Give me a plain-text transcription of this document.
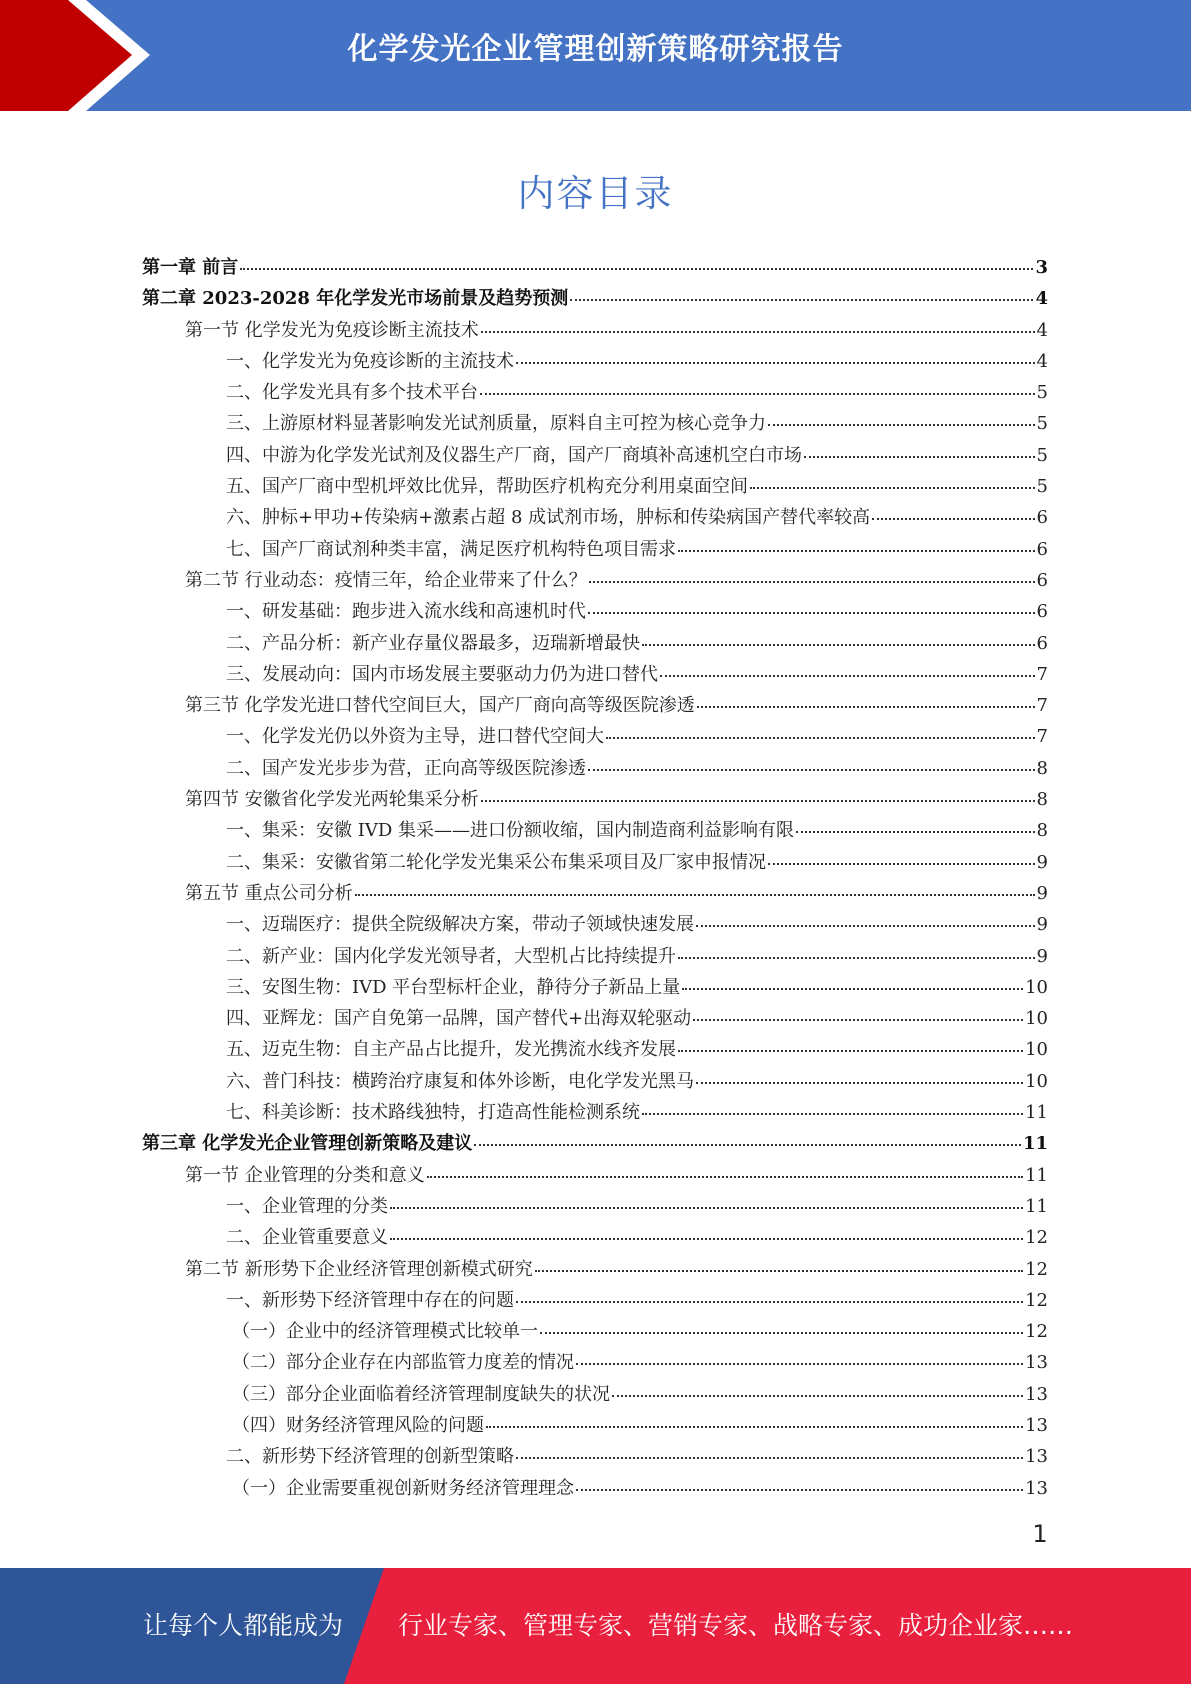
化学发光企业管理创新策略研究报告
内容目录
第一章 前言	3
第二章 2023-2028 年化学发光市场前景及趋势预测	4
第一节 化学发光为免疫诊断主流技术	4
一、化学发光为免疫诊断的主流技术	4
二、化学发光具有多个技术平台	5
三、上游原材料显著影响发光试剂质量，原料自主可控为核心竞争力	5
四、中游为化学发光试剂及仪器生产厂商，国产厂商填补高速机空白市场	5
五、国产厂商中型机坪效比优异，帮助医疗机构充分利用桌面空间	5
六、肿标+甲功+传染病+激素占超 8 成试剂市场，肿标和传染病国产替代率较高	6
七、国产厂商试剂种类丰富，满足医疗机构特色项目需求	6
第二节 行业动态：疫情三年，给企业带来了什么？	6
一、研发基础：跑步进入流水线和高速机时代	6
二、产品分析：新产业存量仪器最多，迈瑞新增最快	6
三、发展动向：国内市场发展主要驱动力仍为进口替代	7
第三节 化学发光进口替代空间巨大，国产厂商向高等级医院渗透	7
一、化学发光仍以外资为主导，进口替代空间大	7
二、国产发光步步为营，正向高等级医院渗透	8
第四节 安徽省化学发光两轮集采分析	8
一、集采：安徽 IVD 集采——进口份额收缩，国内制造商利益影响有限	8
二、集采：安徽省第二轮化学发光集采公布集采项目及厂家申报情况	9
第五节 重点公司分析	9
一、迈瑞医疗：提供全院级解决方案，带动子领域快速发展	9
二、新产业：国内化学发光领导者，大型机占比持续提升	9
三、安图生物：IVD 平台型标杆企业，静待分子新品上量	10
四、亚辉龙：国产自免第一品牌，国产替代+出海双轮驱动	10
五、迈克生物：自主产品占比提升，发光携流水线齐发展	10
六、普门科技：横跨治疗康复和体外诊断，电化学发光黑马	10
七、科美诊断：技术路线独特，打造高性能检测系统	11
第三章 化学发光企业管理创新策略及建议	11
第一节 企业管理的分类和意义	11
一、企业管理的分类	11
二、企业管重要意义	12
第二节 新形势下企业经济管理创新模式研究	12
一、新形势下经济管理中存在的问题	12
（一）企业中的经济管理模式比较单一	12
（二）部分企业存在内部监管力度差的情况	13
（三）部分企业面临着经济管理制度缺失的状况	13
（四）财务经济管理风险的问题	13
二、新形势下经济管理的创新型策略	13
（一）企业需要重视创新财务经济管理理念	13
1
让每个人都能成为 行业专家、管理专家、营销专家、战略专家、成功企业家……
